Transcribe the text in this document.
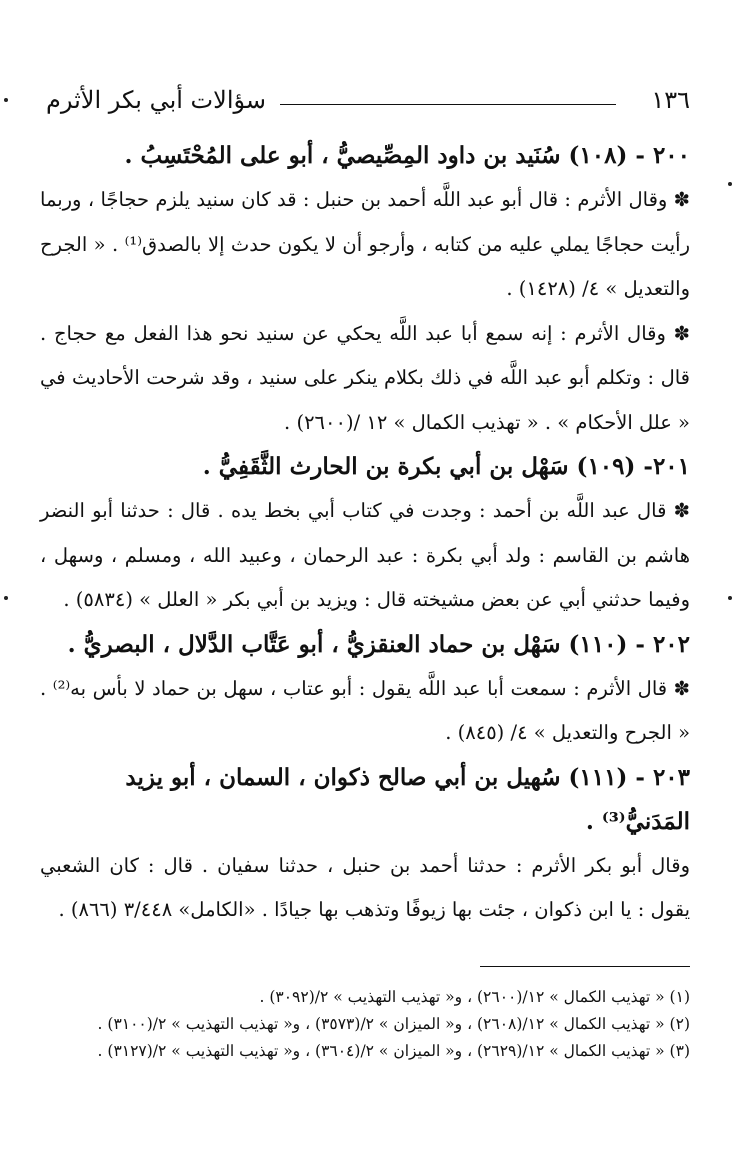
١٣٦
سؤالات أبي بكر الأثرم

٢٠٠ - (١٠٨) سُنَيد بن داود المِصِّيصيُّ ، أبو على المُحْتَسِبُ .

✽ وقال الأثرم : قال أبو عبد اللَّه أحمد بن حنبل : قد كان سنيد يلزم حجاجًا ، وربما رأيت حجاجًا يملي عليه من كتابه ، وأرجو أن لا يكون حدث إلا بالصدق⁽¹⁾ . « الجرح والتعديل » ٤/ (١٤٢٨) .

✽ وقال الأثرم : إنه سمع أبا عبد اللَّه يحكي عن سنيد نحو هذا الفعل مع حجاج . قال : وتكلم أبو عبد اللَّه في ذلك بكلام ينكر على سنيد ، وقد شرحت الأحاديث في « علل الأحكام » . « تهذيب الكمال » ١٢ /(٢٦٠٠) .

٢٠١- (١٠٩) سَهْل بن أبي بكرة بن الحارث الثَّقَفِيُّ .

✽ قال عبد اللَّه بن أحمد : وجدت في كتاب أبي بخط يده . قال : حدثنا أبو النضر هاشم بن القاسم : ولد أبي بكرة : عبد الرحمان ، وعبيد الله ، ومسلم ، وسهل ، وفيما حدثني أبي عن بعض مشيخته قال : ويزيد بن أبي بكر « العلل » (٥٨٣٤) .

٢٠٢ - (١١٠) سَهْل بن حماد العنقزيُّ ، أبو عَتَّاب الدَّلال ، البصريُّ .

✽ قال الأثرم : سمعت أبا عبد اللَّه يقول : أبو عتاب ، سهل بن حماد لا بأس به⁽²⁾ . « الجرح والتعديل » ٤/ (٨٤٥) .

٢٠٣ - (١١١) سُهيل بن أبي صالح ذكوان ، السمان ، أبو يزيد المَدَنيُّ⁽³⁾ .

وقال أبو بكر الأثرم : حدثنا أحمد بن حنبل ، حدثنا سفيان . قال : كان الشعبي يقول : يا ابن ذكوان ، جئت بها زيوفًا وتذهب بها جيادًا . «الكامل» ٣/٤٤٨ (٨٦٦) .

(١) « تهذيب الكمال » ١٢/(٢٦٠٠) ، و« تهذيب التهذيب » ٢/(٣٠٩٢) .

(٢) « تهذيب الكمال » ١٢/(٢٦٠٨) ، و« الميزان » ٢/(٣٥٧٣) ، و« تهذيب التهذيب » ٢/(٣١٠٠) .

(٣) « تهذيب الكمال » ١٢/(٢٦٢٩) ، و« الميزان » ٢/(٣٦٠٤) ، و« تهذيب التهذيب » ٢/(٣١٢٧) .
